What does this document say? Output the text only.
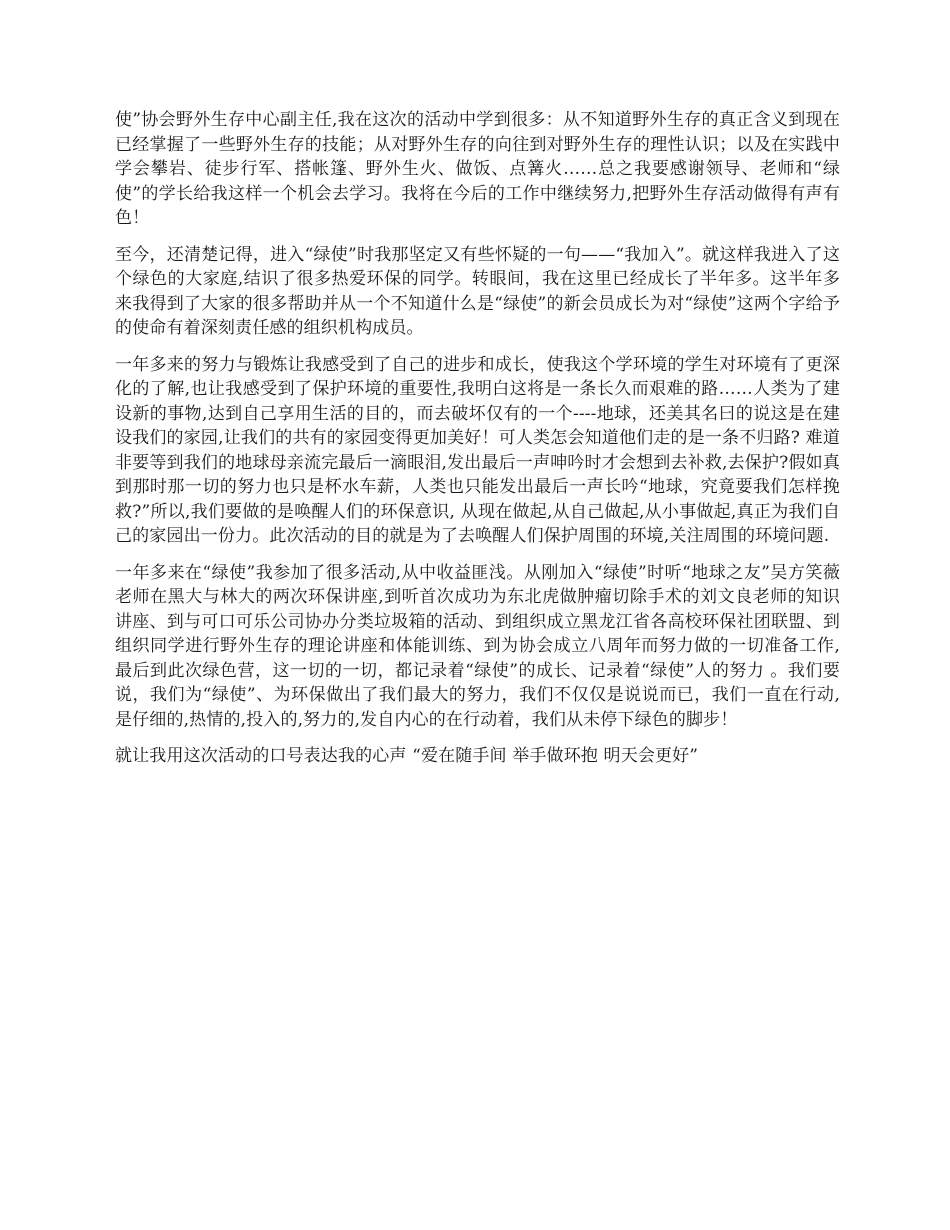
使”协会野外生存中心副主任,我在这次的活动中学到很多：从不知道野外生存的真正含义到现在已经掌握了一些野外生存的技能；从对野外生存的向往到对野外生存的理性认识；以及在实践中学会攀岩、徒步行军、搭帐篷、野外生火、做饭、点篝火……总之我要感谢领导、老师和“绿使”的学长给我这样一个机会去学习。我将在今后的工作中继续努力,把野外生存活动做得有声有色！

至今，还清楚记得，进入“绿使”时我那坚定又有些怀疑的一句——“我加入”。就这样我进入了这个绿色的大家庭,结识了很多热爱环保的同学。转眼间，我在这里已经成长了半年多。这半年多来我得到了大家的很多帮助并从一个不知道什么是“绿使”的新会员成长为对“绿使”这两个字给予的使命有着深刻责任感的组织机构成员。

一年多来的努力与锻炼让我感受到了自己的进步和成长，使我这个学环境的学生对环境有了更深化的了解,也让我感受到了保护环境的重要性,我明白这将是一条长久而艰难的路……人类为了建设新的事物,达到自己享用生活的目的，而去破坏仅有的一个----地球，还美其名曰的说这是在建设我们的家园,让我们的共有的家园变得更加美好！可人类怎会知道他们走的是一条不归路? 难道非要等到我们的地球母亲流完最后一滴眼泪,发出最后一声呻吟时才会想到去补救,去保护?假如真到那时那一切的努力也只是杯水车薪，人类也只能发出最后一声长吟“地球，究竟要我们怎样挽救?”所以,我们要做的是唤醒人们的环保意识, 从现在做起,从自己做起,从小事做起,真正为我们自己的家园出一份力。此次活动的目的就是为了去唤醒人们保护周围的环境,关注周围的环境问题.

一年多来在“绿使”我参加了很多活动,从中收益匪浅。从刚加入“绿使”时听“地球之友”吴方笑薇老师在黑大与林大的两次环保讲座,到听首次成功为东北虎做肿瘤切除手术的刘文良老师的知识讲座、到与可口可乐公司协办分类垃圾箱的活动、到组织成立黑龙江省各高校环保社团联盟、到组织同学进行野外生存的理论讲座和体能训练、到为协会成立八周年而努力做的一切准备工作,最后到此次绿色营，这一切的一切，都记录着“绿使”的成长、记录着“绿使”人的努力 。我们要说，我们为“绿使”、为环保做出了我们最大的努力，我们不仅仅是说说而已，我们一直在行动,是仔细的,热情的,投入的,努力的,发自内心的在行动着，我们从未停下绿色的脚步！

就让我用这次活动的口号表达我的心声 “爱在随手间 举手做环抱 明天会更好”
